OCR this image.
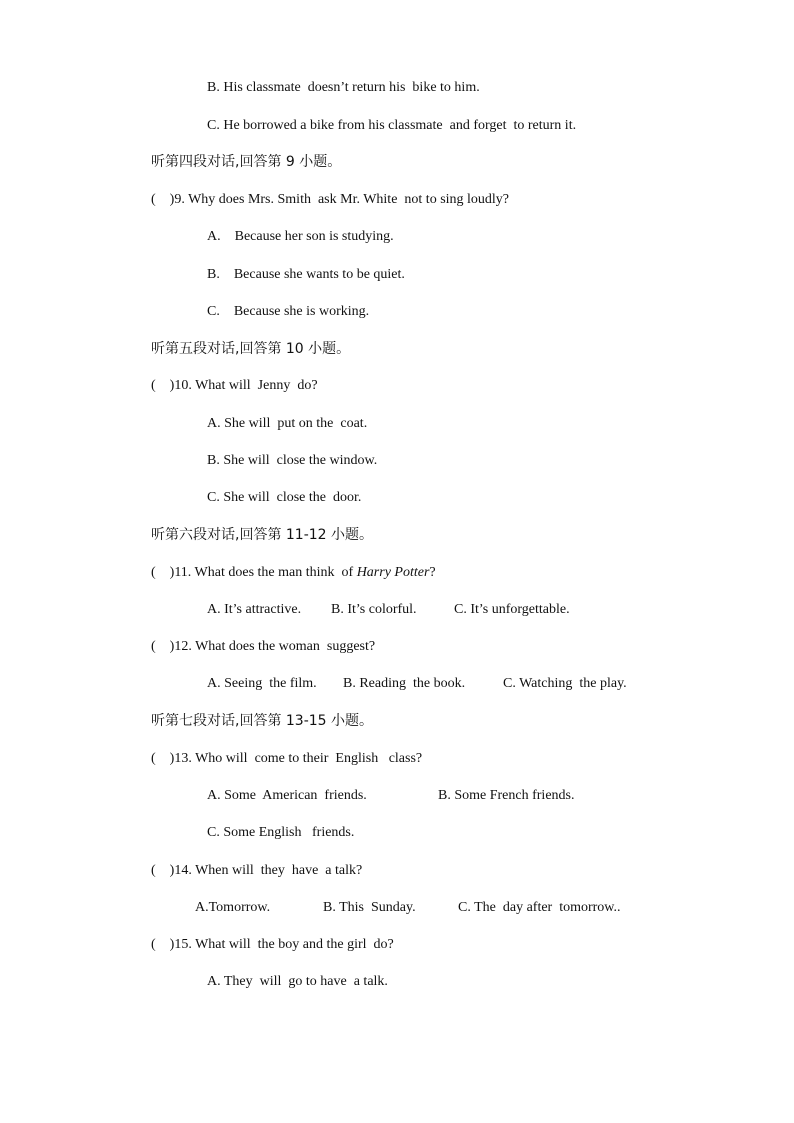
B. His classmate  doesn’t return his  bike to him.
C. He borrowed a bike from his classmate  and forget  to return it.
听第四段对话,回答第 9 小题。
(    )9. Why does Mrs. Smith  ask Mr. White  not to sing loudly?
A.    Because her son is studying.
B.    Because she wants to be quiet.
C.    Because she is working.
听第五段对话,回答第 10 小题。
(    )10. What will  Jenny  do?
A. She will  put on the  coat.
B. She will  close the window.
C. She will  close the  door.
听第六段对话,回答第 11-12 小题。
(    )11. What does the man think  of Harry Potter?
A. It’s attractive. B. It’s colorful.	C. It’s unforgettable.
(    )12. What does the woman  suggest?
A. Seeing  the film. B. Reading  the book.	C. Watching  the play.
听第七段对话,回答第 13-15 小题。
(    )13. Who will  come to their  English   class?
A. Some  American  friends.	B. Some French friends.
C. Some English   friends.
(    )14. When will  they  have  a talk?
A.Tomorrow.	B. This  Sunday.	C. The  day after  tomorrow..
(    )15. What will  the boy and the girl  do?
A. They  will  go to have  a talk.
